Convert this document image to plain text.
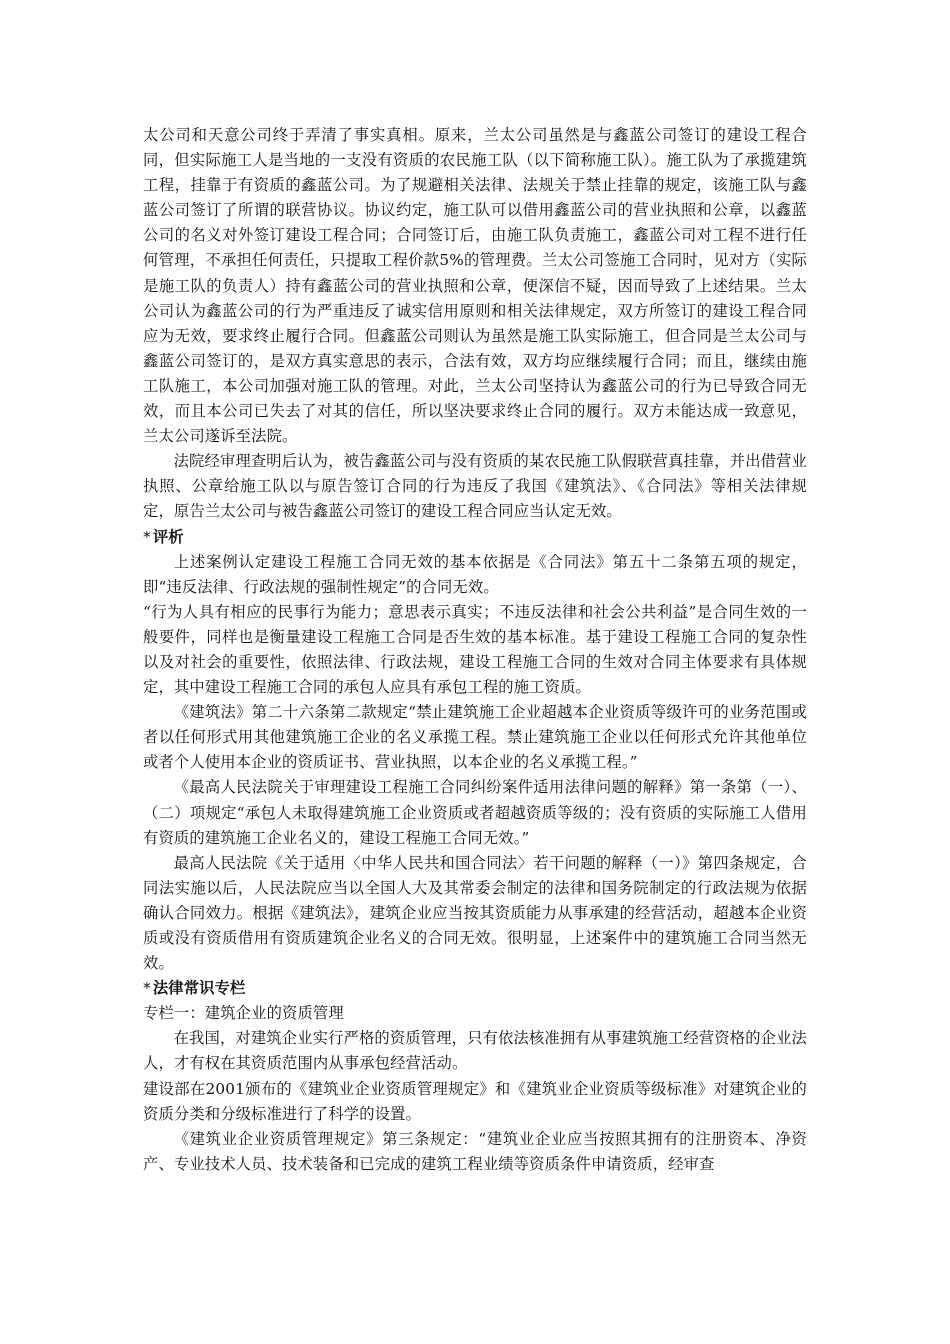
太公司和天意公司终于弄清了事实真相。原来，兰太公司虽然是与鑫蓝公司签订的建设工程合同，但实际施工人是当地的一支没有资质的农民施工队（以下简称施工队）。施工队为了承揽建筑工程，挂靠于有资质的鑫蓝公司。为了规避相关法律、法规关于禁止挂靠的规定，该施工队与鑫蓝公司签订了所谓的联营协议。协议约定，施工队可以借用鑫蓝公司的营业执照和公章，以鑫蓝公司的名义对外签订建设工程合同；合同签订后，由施工队负责施工，鑫蓝公司对工程不进行任何管理，不承担任何责任，只提取工程价款5%的管理费。兰太公司签施工合同时，见对方（实际是施工队的负责人）持有鑫蓝公司的营业执照和公章，便深信不疑，因而导致了上述结果。兰太公司认为鑫蓝公司的行为严重违反了诚实信用原则和相关法律规定，双方所签订的建设工程合同应为无效，要求终止履行合同。但鑫蓝公司则认为虽然是施工队实际施工，但合同是兰太公司与鑫蓝公司签订的，是双方真实意思的表示，合法有效，双方均应继续履行合同；而且，继续由施工队施工，本公司加强对施工队的管理。对此，兰太公司坚持认为鑫蓝公司的行为已导致合同无效，而且本公司已失去了对其的信任，所以坚决要求终止合同的履行。双方未能达成一致意见，兰太公司遂诉至法院。

法院经审理查明后认为，被告鑫蓝公司与没有资质的某农民施工队假联营真挂靠，并出借营业执照、公章给施工队以与原告签订合同的行为违反了我国《建筑法》、《合同法》等相关法律规定，原告兰太公司与被告鑫蓝公司签订的建设工程合同应当认定无效。

* 评析

上述案例认定建设工程施工合同无效的基本依据是《合同法》第五十二条第五项的规定，即“违反法律、行政法规的强制性规定”的合同无效。

“行为人具有相应的民事行为能力；意思表示真实；不违反法律和社会公共利益”是合同生效的一般要件，同样也是衡量建设工程施工合同是否生效的基本标准。基于建设工程施工合同的复杂性以及对社会的重要性，依照法律、行政法规，建设工程施工合同的生效对合同主体要求有具体规定，其中建设工程施工合同的承包人应具有承包工程的施工资质。

《建筑法》第二十六条第二款规定“禁止建筑施工企业超越本企业资质等级许可的业务范围或者以任何形式用其他建筑施工企业的名义承揽工程。禁止建筑施工企业以任何形式允许其他单位或者个人使用本企业的资质证书、营业执照，以本企业的名义承揽工程。”

《最高人民法院关于审理建设工程施工合同纠纷案件适用法律问题的解释》第一条第（一）、（二）项规定“承包人未取得建筑施工企业资质或者超越资质等级的；没有资质的实际施工人借用有资质的建筑施工企业名义的，建设工程施工合同无效。”

最高人民法院《关于适用〈中华人民共和国合同法〉若干问题的解释（一）》第四条规定，合同法实施以后，人民法院应当以全国人大及其常委会制定的法律和国务院制定的行政法规为依据确认合同效力。根据《建筑法》，建筑企业应当按其资质能力从事承建的经营活动，超越本企业资质或没有资质借用有资质建筑企业名义的合同无效。很明显，上述案件中的建筑施工合同当然无效。

* 法律常识专栏

专栏一：建筑企业的资质管理

在我国，对建筑企业实行严格的资质管理，只有依法核准拥有从事建筑施工经营资格的企业法人，才有权在其资质范围内从事承包经营活动。

建设部在2001颁布的《建筑业企业资质管理规定》和《建筑业企业资质等级标准》对建筑企业的资质分类和分级标准进行了科学的设置。

《建筑业企业资质管理规定》第三条规定：“建筑业企业应当按照其拥有的注册资本、净资产、专业技术人员、技术装备和已完成的建筑工程业绩等资质条件申请资质，经审查
